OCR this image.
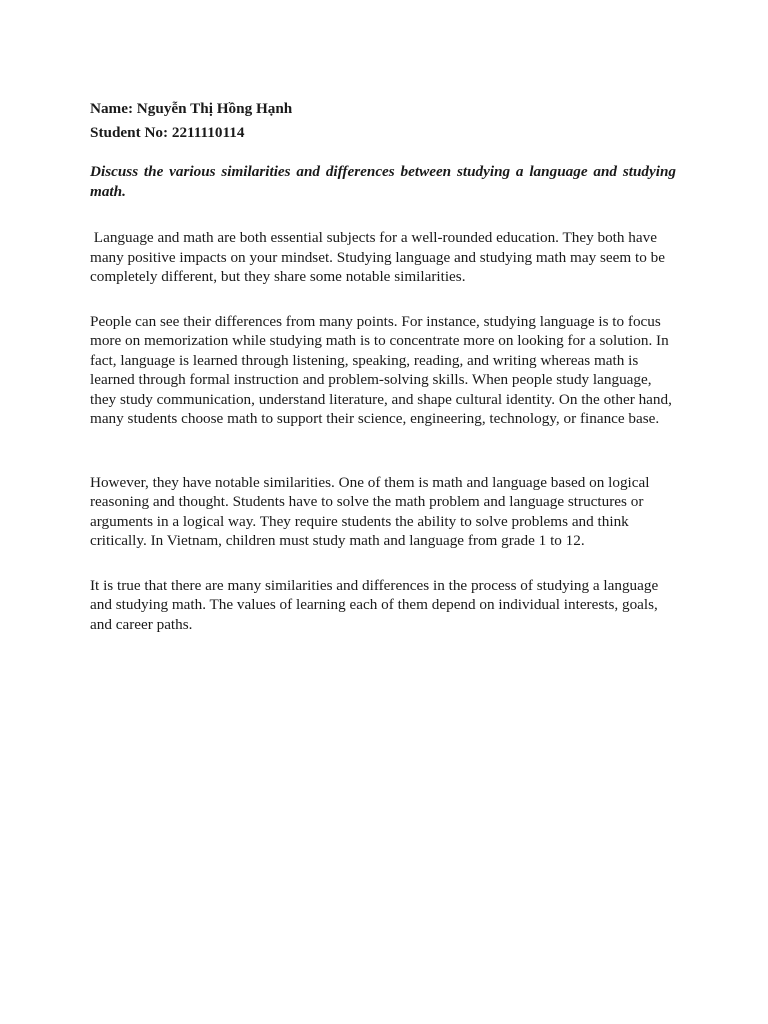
Name: Nguyễn Thị Hồng Hạnh

Student No: 2211110114

Discuss the various similarities and differences between studying a language and studying math.

Language and math are both essential subjects for a well-rounded education. They both have many positive impacts on your mindset. Studying language and studying math may seem to be completely different, but they share some notable similarities.

People can see their differences from many points. For instance, studying language is to focus more on memorization while studying math is to concentrate more on looking for a solution. In fact, language is learned through listening, speaking, reading, and writing whereas math is learned through formal instruction and problem-solving skills. When people study language, they study communication, understand literature, and shape cultural identity. On the other hand, many students choose math to support their science, engineering, technology, or finance base.

However, they have notable similarities. One of them is math and language based on logical reasoning and thought. Students have to solve the math problem and language structures or arguments in a logical way. They require students the ability to solve problems and think critically. In Vietnam, children must study math and language from grade 1 to 12.

It is true that there are many similarities and differences in the process of studying a language and studying math. The values of learning each of them depend on individual interests, goals, and career paths.
